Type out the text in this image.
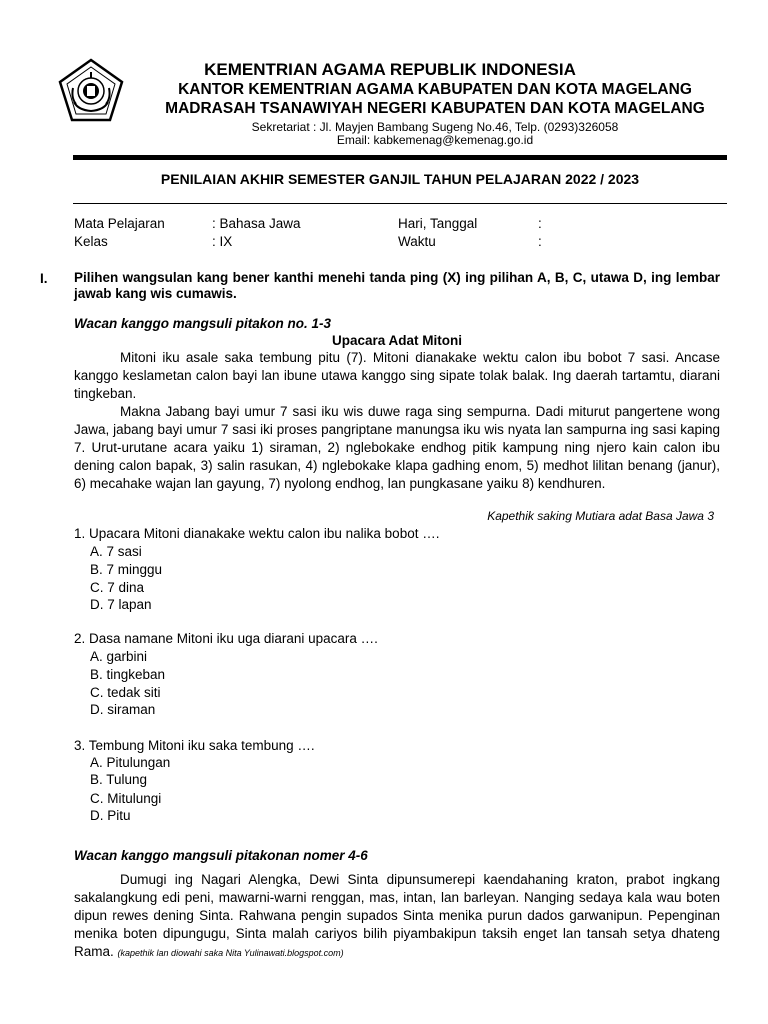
KEMENTRIAN AGAMA REPUBLIK INDONESIA
KANTOR KEMENTRIAN AGAMA KABUPATEN DAN KOTA MAGELANG
MADRASAH TSANAWIYAH NEGERI KABUPATEN DAN KOTA MAGELANG
Sekretariat : Jl. Mayjen Bambang Sugeng No.46, Telp. (0293)326058
Email: kabkemenag@kemenag.go.id
PENILAIAN AKHIR SEMESTER GANJIL TAHUN PELAJARAN 2022 / 2023
Mata Pelajaran	: Bahasa Jawa	Hari, Tanggal	:
Kelas	: IX	Waktu	:
I. Pilihen wangsulan kang bener kanthi menehi tanda ping (X) ing pilihan A, B, C, utawa D, ing lembar jawab kang wis cumawis.
Wacan kanggo mangsuli pitakon no. 1-3
Upacara Adat Mitoni

Mitoni iku asale saka tembung pitu (7). Mitoni dianakake wektu calon ibu bobot 7 sasi. Ancase kanggo keslametan calon bayi lan ibune utawa kanggo sing sipate tolak balak. Ing daerah tartamtu, diarani tingkeban.

Makna Jabang bayi umur 7 sasi iku wis duwe raga sing sempurna. Dadi miturut pangertene wong Jawa, jabang bayi umur 7 sasi iki proses pangriptane manungsa iku wis nyata lan sampurna ing sasi kaping 7. Urut-urutane acara yaiku 1) siraman, 2) nglebokake endhog pitik kampung ning njero kain calon ibu dening calon bapak, 3) salin rasukan, 4) nglebokake klapa gadhing enom, 5) medhot lilitan benang (janur), 6) mecahake wajan lan gayung, 7) nyolong endhog, lan pungkasane yaiku 8) kendhuren.

Kapethik saking Mutiara adat Basa Jawa 3
1. Upacara Mitoni dianakake wektu calon ibu nalika bobot ….
A. 7 sasi
B. 7 minggu
C. 7 dina
D. 7 lapan
2. Dasa namane Mitoni iku uga diarani upacara ….
A. garbini
B. tingkeban
C. tedak siti
D. siraman
3. Tembung Mitoni iku saka tembung ….
A. Pitulungan
B. Tulung
C. Mitulungi
D. Pitu
Wacan kanggo mangsuli pitakonan nomer 4-6

Dumugi ing Nagari Alengka, Dewi Sinta dipunsumerepi kaendahaning kraton, prabot ingkang sakalangkung edi peni, mawarni-warni renggan, mas, intan, lan barleyan. Nanging sedaya kala wau boten dipun rewes dening Sinta. Rahwana pengin supados Sinta menika purun dados garwanipun. Pepenginan menika boten dipungugu, Sinta malah cariyos bilih piyambakipun taksih enget lan tansah setya dhateng Rama. (kapethik lan diowahi saka Nita Yulinawati.blogspot.com)
